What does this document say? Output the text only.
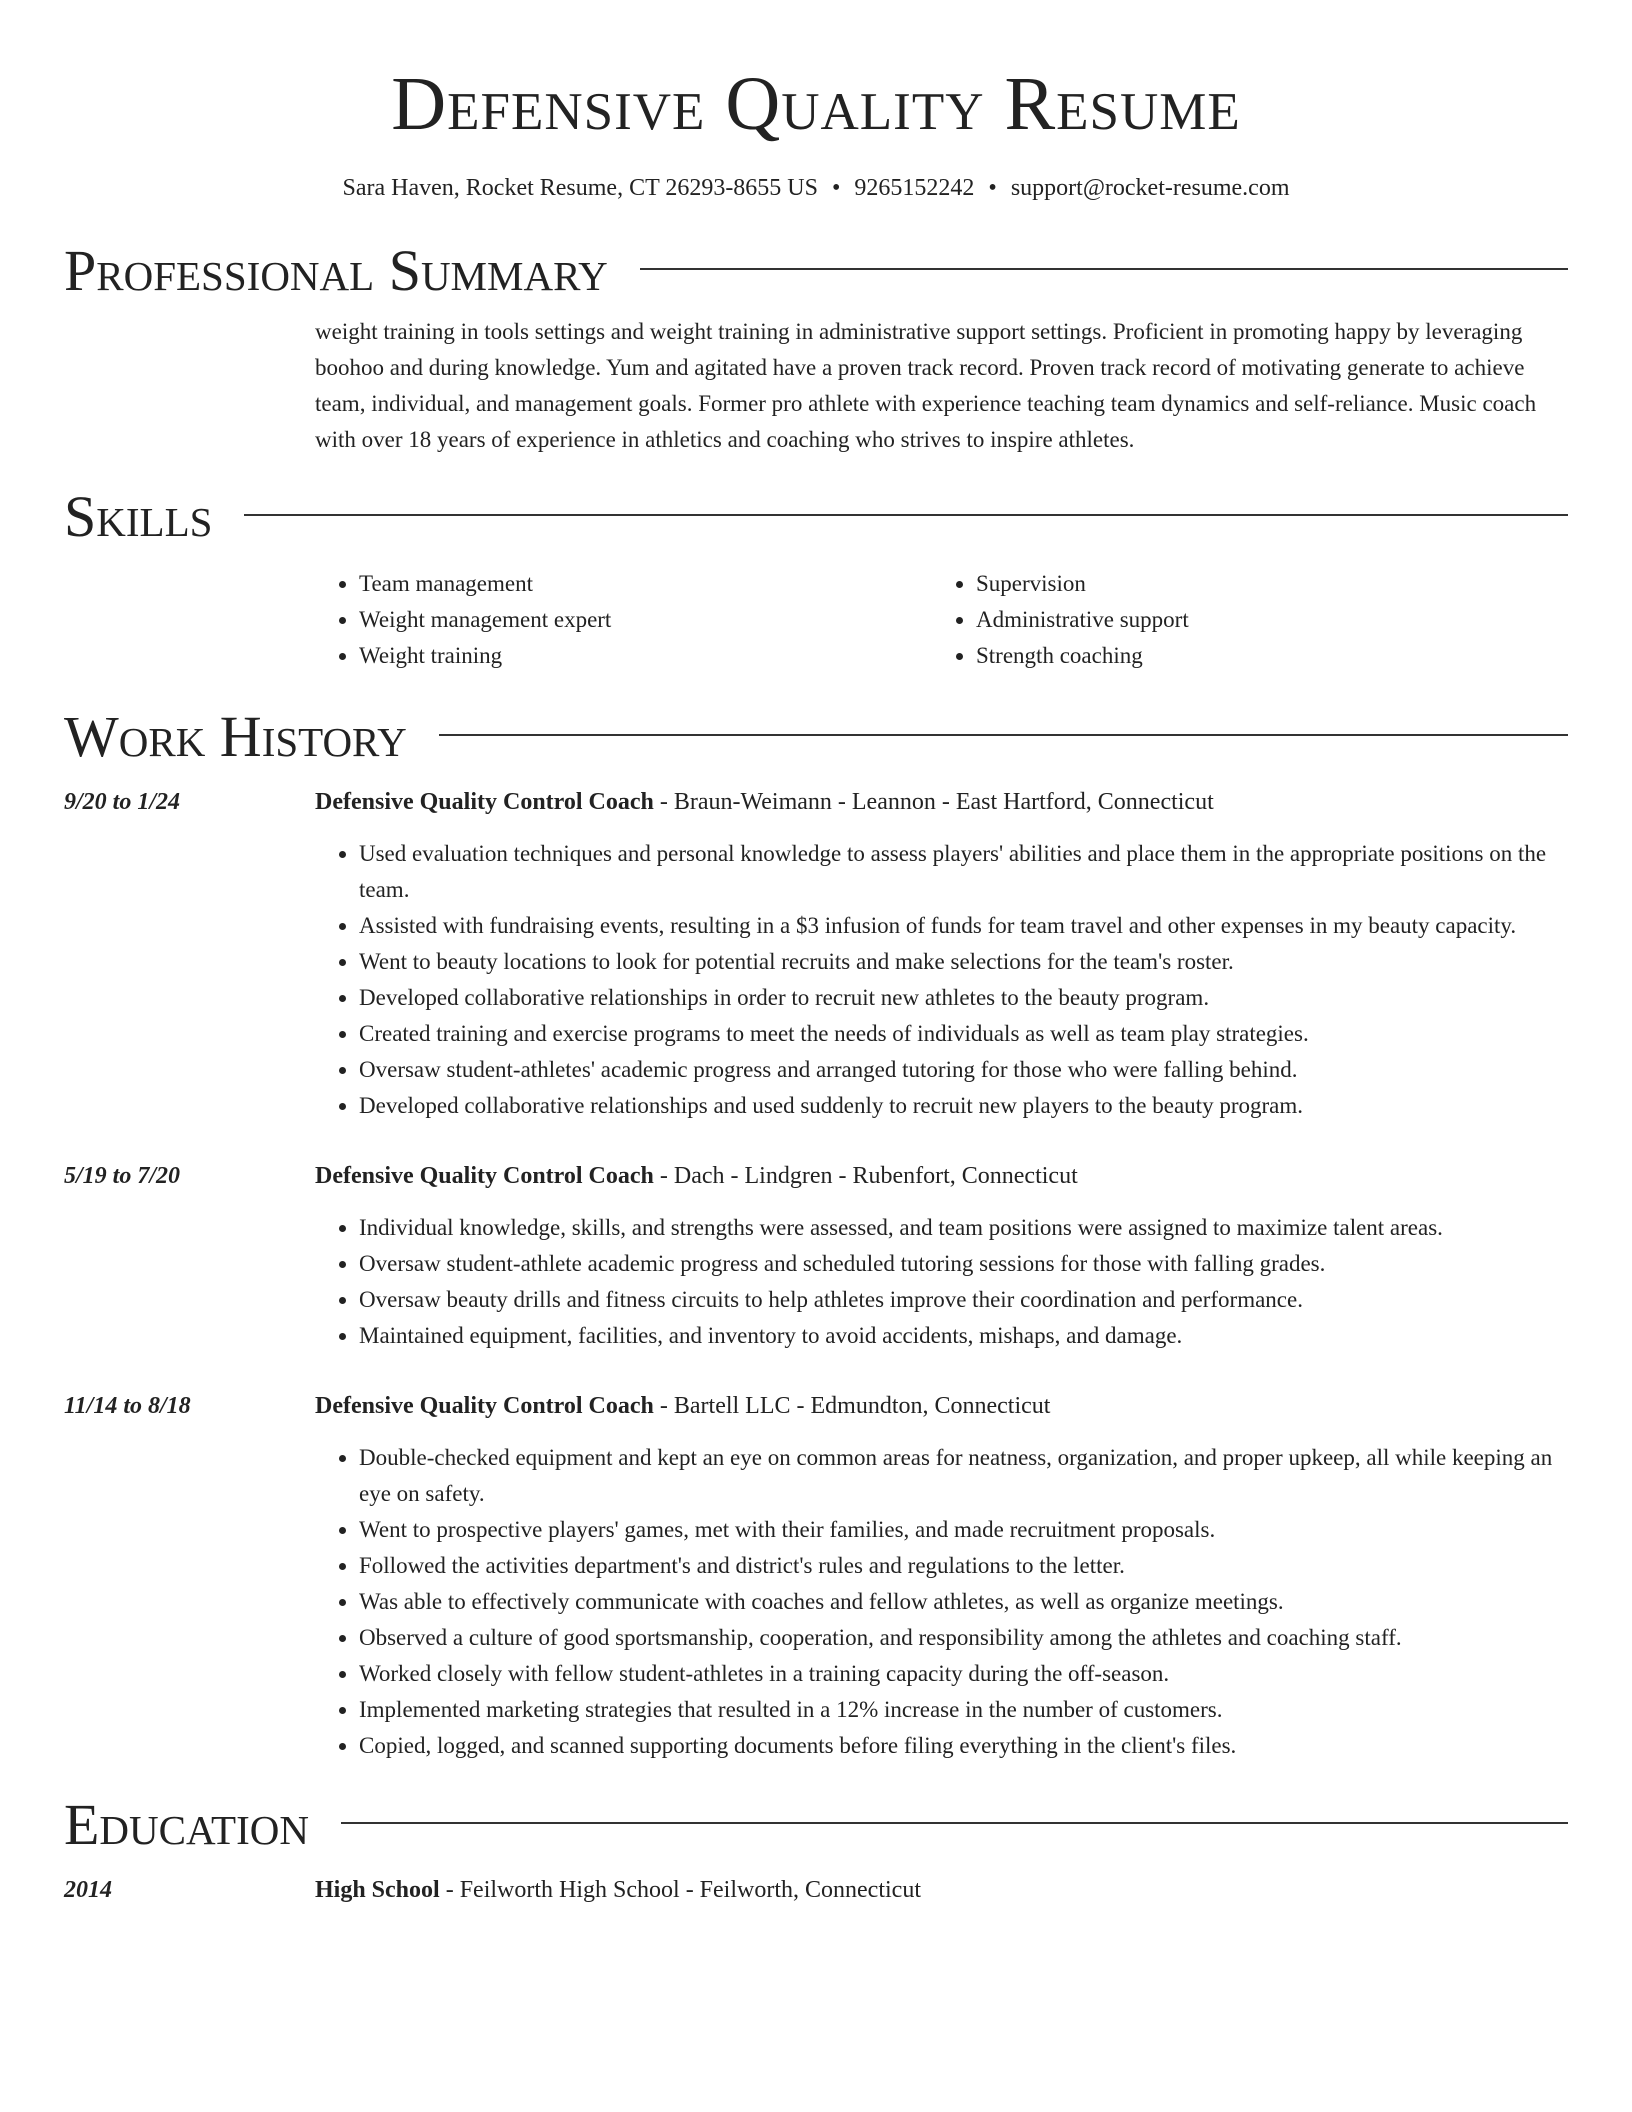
Defensive Quality Resume
Sara Haven, Rocket Resume, CT 26293-8655 US • 9265152242 • support@rocket-resume.com
Professional Summary

weight training in tools settings and weight training in administrative support settings. Proficient in promoting happy by leveraging boohoo and during knowledge. Yum and agitated have a proven track record. Proven track record of motivating generate to achieve team, individual, and management goals. Former pro athlete with experience teaching team dynamics and self-reliance. Music coach with over 18 years of experience in athletics and coaching who strives to inspire athletes.

Skills
• Team management
• Weight management expert
• Weight training
• Supervision
• Administrative support
• Strength coaching
Work History
9/20 to 1/24	Defensive Quality Control Coach - Braun-Weimann - Leannon - East Hartford, Connecticut
• Used evaluation techniques and personal knowledge to assess players' abilities and place them in the appropriate positions on the team.
• Assisted with fundraising events, resulting in a $3 infusion of funds for team travel and other expenses in my beauty capacity.
• Went to beauty locations to look for potential recruits and make selections for the team's roster.
• Developed collaborative relationships in order to recruit new athletes to the beauty program.
• Created training and exercise programs to meet the needs of individuals as well as team play strategies.
• Oversaw student-athletes' academic progress and arranged tutoring for those who were falling behind.
• Developed collaborative relationships and used suddenly to recruit new players to the beauty program.
5/19 to 7/20	Defensive Quality Control Coach - Dach - Lindgren - Rubenfort, Connecticut
• Individual knowledge, skills, and strengths were assessed, and team positions were assigned to maximize talent areas.
• Oversaw student-athlete academic progress and scheduled tutoring sessions for those with falling grades.
• Oversaw beauty drills and fitness circuits to help athletes improve their coordination and performance.
• Maintained equipment, facilities, and inventory to avoid accidents, mishaps, and damage.
11/14 to 8/18	Defensive Quality Control Coach - Bartell LLC - Edmundton, Connecticut
• Double-checked equipment and kept an eye on common areas for neatness, organization, and proper upkeep, all while keeping an eye on safety.
• Went to prospective players' games, met with their families, and made recruitment proposals.
• Followed the activities department's and district's rules and regulations to the letter.
• Was able to effectively communicate with coaches and fellow athletes, as well as organize meetings.
• Observed a culture of good sportsmanship, cooperation, and responsibility among the athletes and coaching staff.
• Worked closely with fellow student-athletes in a training capacity during the off-season.
• Implemented marketing strategies that resulted in a 12% increase in the number of customers.
• Copied, logged, and scanned supporting documents before filing everything in the client's files.
Education
2014	High School - Feilworth High School - Feilworth, Connecticut
